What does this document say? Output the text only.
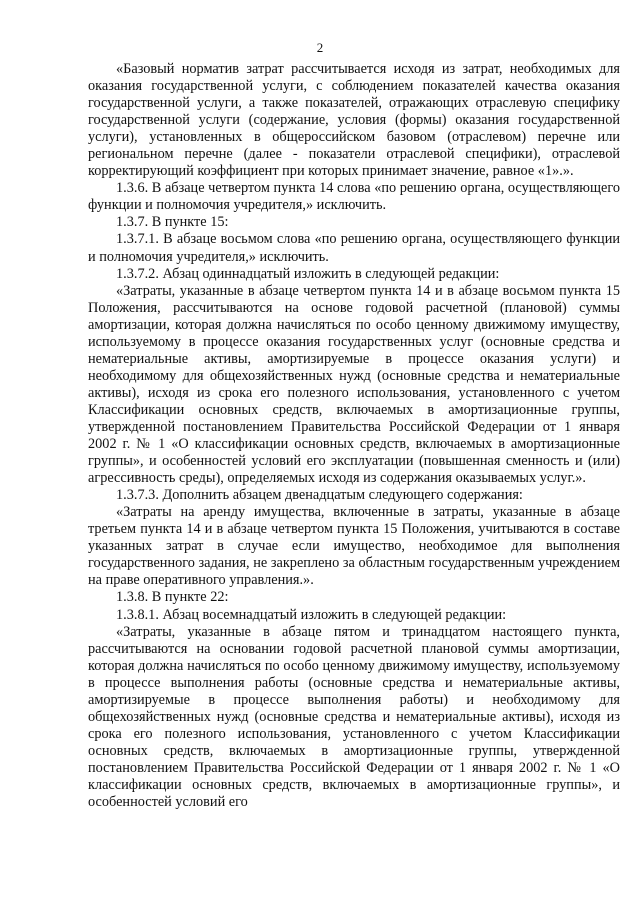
2

«Базовый норматив затрат рассчитывается исходя из затрат, необходимых для оказания государственной услуги, с соблюдением показателей качества оказания государственной услуги, а также показателей, отражающих отраслевую специфику государственной услуги (содержание, условия (формы) оказания государственной услуги), установленных в общероссийском базовом (отраслевом) перечне или региональном перечне (далее - показатели отраслевой специфики), отраслевой корректирующий коэффициент при которых принимает значение, равное «1».».

1.3.6. В абзаце четвертом пункта 14 слова «по решению органа, осуществляющего функции и полномочия учредителя,» исключить.

1.3.7. В пункте 15:

1.3.7.1. В абзаце восьмом слова «по решению органа, осуществляющего функции и полномочия учредителя,» исключить.

1.3.7.2. Абзац одиннадцатый изложить в следующей редакции:

«Затраты, указанные в абзаце четвертом пункта 14 и в абзаце восьмом пункта 15 Положения, рассчитываются на основе годовой расчетной (плановой) суммы амортизации, которая должна начисляться по особо ценному движимому имуществу, используемому в процессе оказания государственных услуг (основные средства и нематериальные активы, амортизируемые в процессе оказания услуги) и необходимому для общехозяйственных нужд (основные средства и нематериальные активы), исходя из срока его полезного использования, установленного с учетом Классификации основных средств, включаемых в амортизационные группы, утвержденной постановлением Правительства Российской Федерации от 1 января 2002 г. № 1 «О классификации основных средств, включаемых в амортизационные группы», и особенностей условий его эксплуатации (повышенная сменность и (или) агрессивность среды), определяемых исходя из содержания оказываемых услуг.».

1.3.7.3. Дополнить абзацем двенадцатым следующего содержания:

«Затраты на аренду имущества, включенные в затраты, указанные в абзаце третьем пункта 14 и в абзаце четвертом пункта 15 Положения, учитываются в составе указанных затрат в случае если имущество, необходимое для выполнения государственного задания, не закреплено за областным государственным учреждением на праве оперативного управления.».

1.3.8. В пункте 22:

1.3.8.1. Абзац восемнадцатый изложить в следующей редакции:

«Затраты, указанные в абзаце пятом и тринадцатом настоящего пункта, рассчитываются на основании годовой расчетной плановой суммы амортизации, которая должна начисляться по особо ценному движимому имуществу, используемому в процессе выполнения работы (основные средства и нематериальные активы, амортизируемые в процессе выполнения работы) и необходимому для общехозяйственных нужд (основные средства и нематериальные активы), исходя из срока его полезного использования, установленного с учетом Классификации основных средств, включаемых в амортизационные группы, утвержденной постановлением Правительства Российской Федерации от 1 января 2002 г. № 1 «О классификации основных средств, включаемых в амортизационные группы», и особенностей условий его
